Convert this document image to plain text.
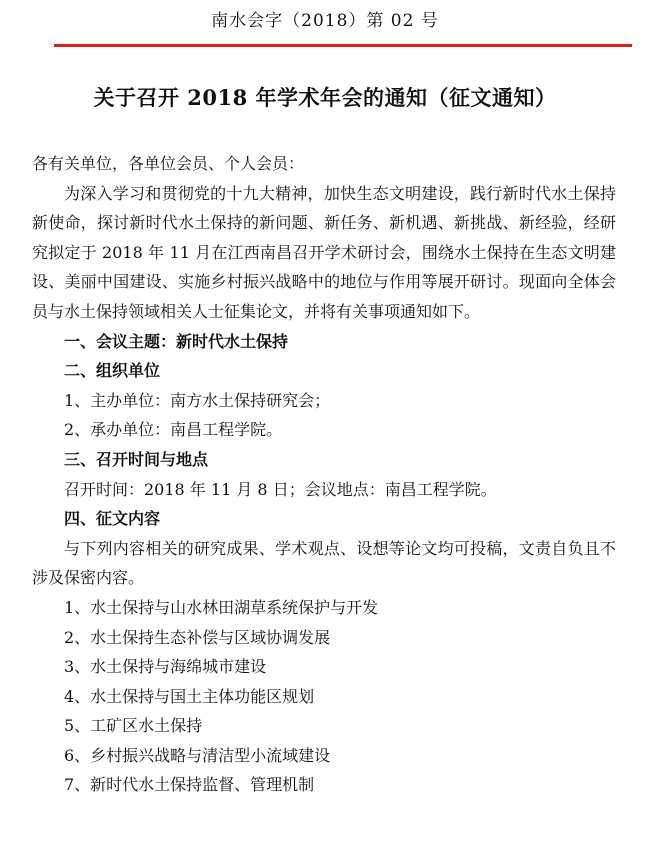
南水会字（2018）第 02 号
关于召开 2018 年学术年会的通知（征文通知）

各有关单位，各单位会员、个人会员：

为深入学习和贯彻党的十九大精神，加快生态文明建设，践行新时代水土保持新使命，探讨新时代水土保持的新问题、新任务、新机遇、新挑战、新经验，经研究拟定于 2018 年 11 月在江西南昌召开学术研讨会，围绕水土保持在生态文明建设、美丽中国建设、实施乡村振兴战略中的地位与作用等展开研讨。现面向全体会员与水土保持领域相关人士征集论文，并将有关事项通知如下。

一、会议主题：新时代水土保持

二、组织单位

1、主办单位：南方水土保持研究会；

2、承办单位：南昌工程学院。

三、召开时间与地点

召开时间：2018 年 11 月 8 日；会议地点：南昌工程学院。

四、征文内容

与下列内容相关的研究成果、学术观点、设想等论文均可投稿，文责自负且不涉及保密内容。

1、水土保持与山水林田湖草系统保护与开发

2、水土保持生态补偿与区域协调发展

3、水土保持与海绵城市建设

4、水土保持与国土主体功能区规划

5、工矿区水土保持

6、乡村振兴战略与清洁型小流域建设

7、新时代水土保持监督、管理机制
